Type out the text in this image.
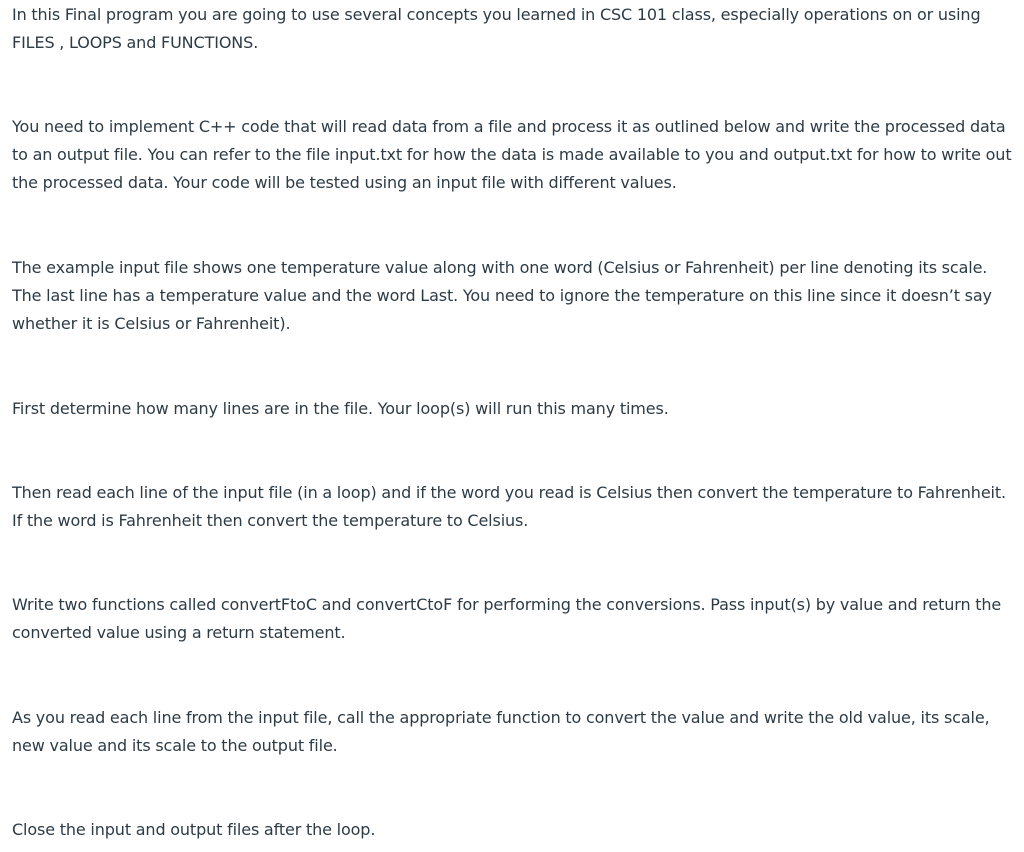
In this Final program you are going to use several concepts you learned in CSC 101 class, especially operations on or using FILES , LOOPS and FUNCTIONS.

You need to implement C++ code that will read data from a file and process it as outlined below and write the processed data to an output file. You can refer to the file input.txt for how the data is made available to you and output.txt for how to write out the processed data. Your code will be tested using an input file with different values.

The example input file shows one temperature value along with one word (Celsius or Fahrenheit) per line denoting its scale. The last line has a temperature value and the word Last. You need to ignore the temperature on this line since it doesn’t say whether it is Celsius or Fahrenheit).

First determine how many lines are in the file. Your loop(s) will run this many times.

Then read each line of the input file (in a loop) and if the word you read is Celsius then convert the temperature to Fahrenheit. If the word is Fahrenheit then convert the temperature to Celsius.

Write two functions called convertFtoC and convertCtoF for performing the conversions. Pass input(s) by value and return the converted value using a return statement.

As you read each line from the input file, call the appropriate function to convert the value and write the old value, its scale, new value and its scale to the output file.

Close the input and output files after the loop.
